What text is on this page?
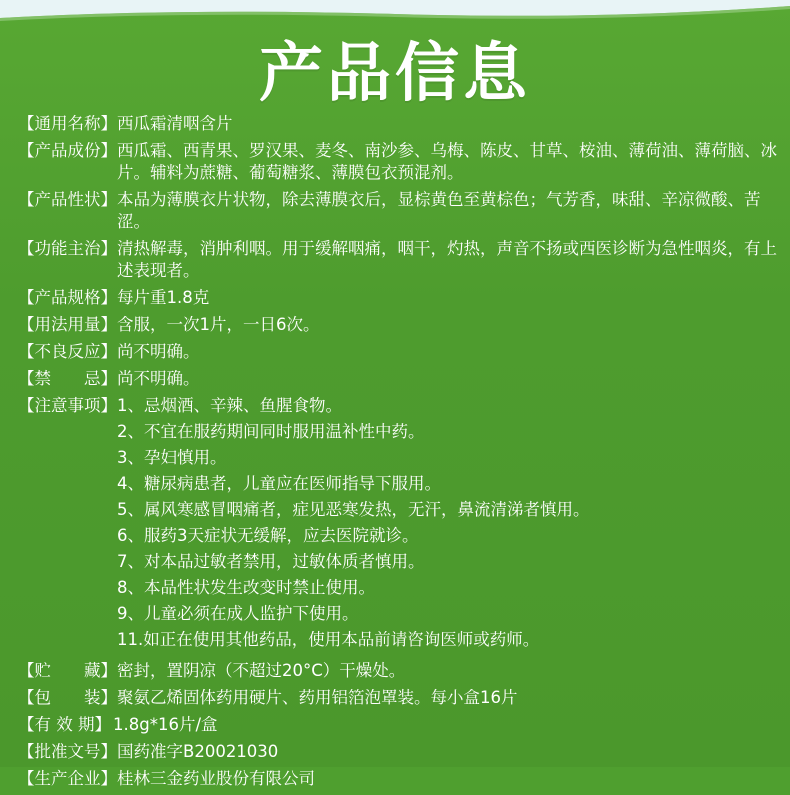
产品信息
【通用名称】 西瓜霜清咽含片
【产品成份】 西瓜霜、西青果、罗汉果、麦冬、南沙参、乌梅、陈皮、甘草、桉油、薄荷油、薄荷脑、冰片。辅料为蔗糖、葡萄糖浆、薄膜包衣预混剂。
【产品性状】 本品为薄膜衣片状物，除去薄膜衣后，显棕黄色至黄棕色；气芳香，味甜、辛凉微酸、苦涩。
【功能主治】 清热解毒，消肿利咽。用于缓解咽痛，咽干，灼热，声音不扬或西医诊断为急性咽炎，有上述表现者。
【产品规格】 每片重1.8克
【用法用量】 含服，一次1片，一日6次。
【不良反应】 尚不明确。
【禁　　忌】 尚不明确。
【注意事项】 1、忌烟酒、辛辣、鱼腥食物。
2、不宜在服药期间同时服用温补性中药。
3、孕妇慎用。
4、糖尿病患者，儿童应在医师指导下服用。
5、属风寒感冒咽痛者，症见恶寒发热，无汗，鼻流清涕者慎用。
6、服药3天症状无缓解，应去医院就诊。
7、对本品过敏者禁用，过敏体质者慎用。
8、本品性状发生改变时禁止使用。
9、儿童必须在成人监护下使用。
11.如正在使用其他药品，使用本品前请咨询医师或药师。
【贮　　藏】 密封，置阴凉（不超过20°C）干燥处。
【包　　装】 聚氨乙烯固体药用硬片、药用铝箔泡罩装。每小盒16片
【有 效 期】 1.8g*16片/盒
【批准文号】 国药准字B20021030
【生产企业】 桂林三金药业股份有限公司
